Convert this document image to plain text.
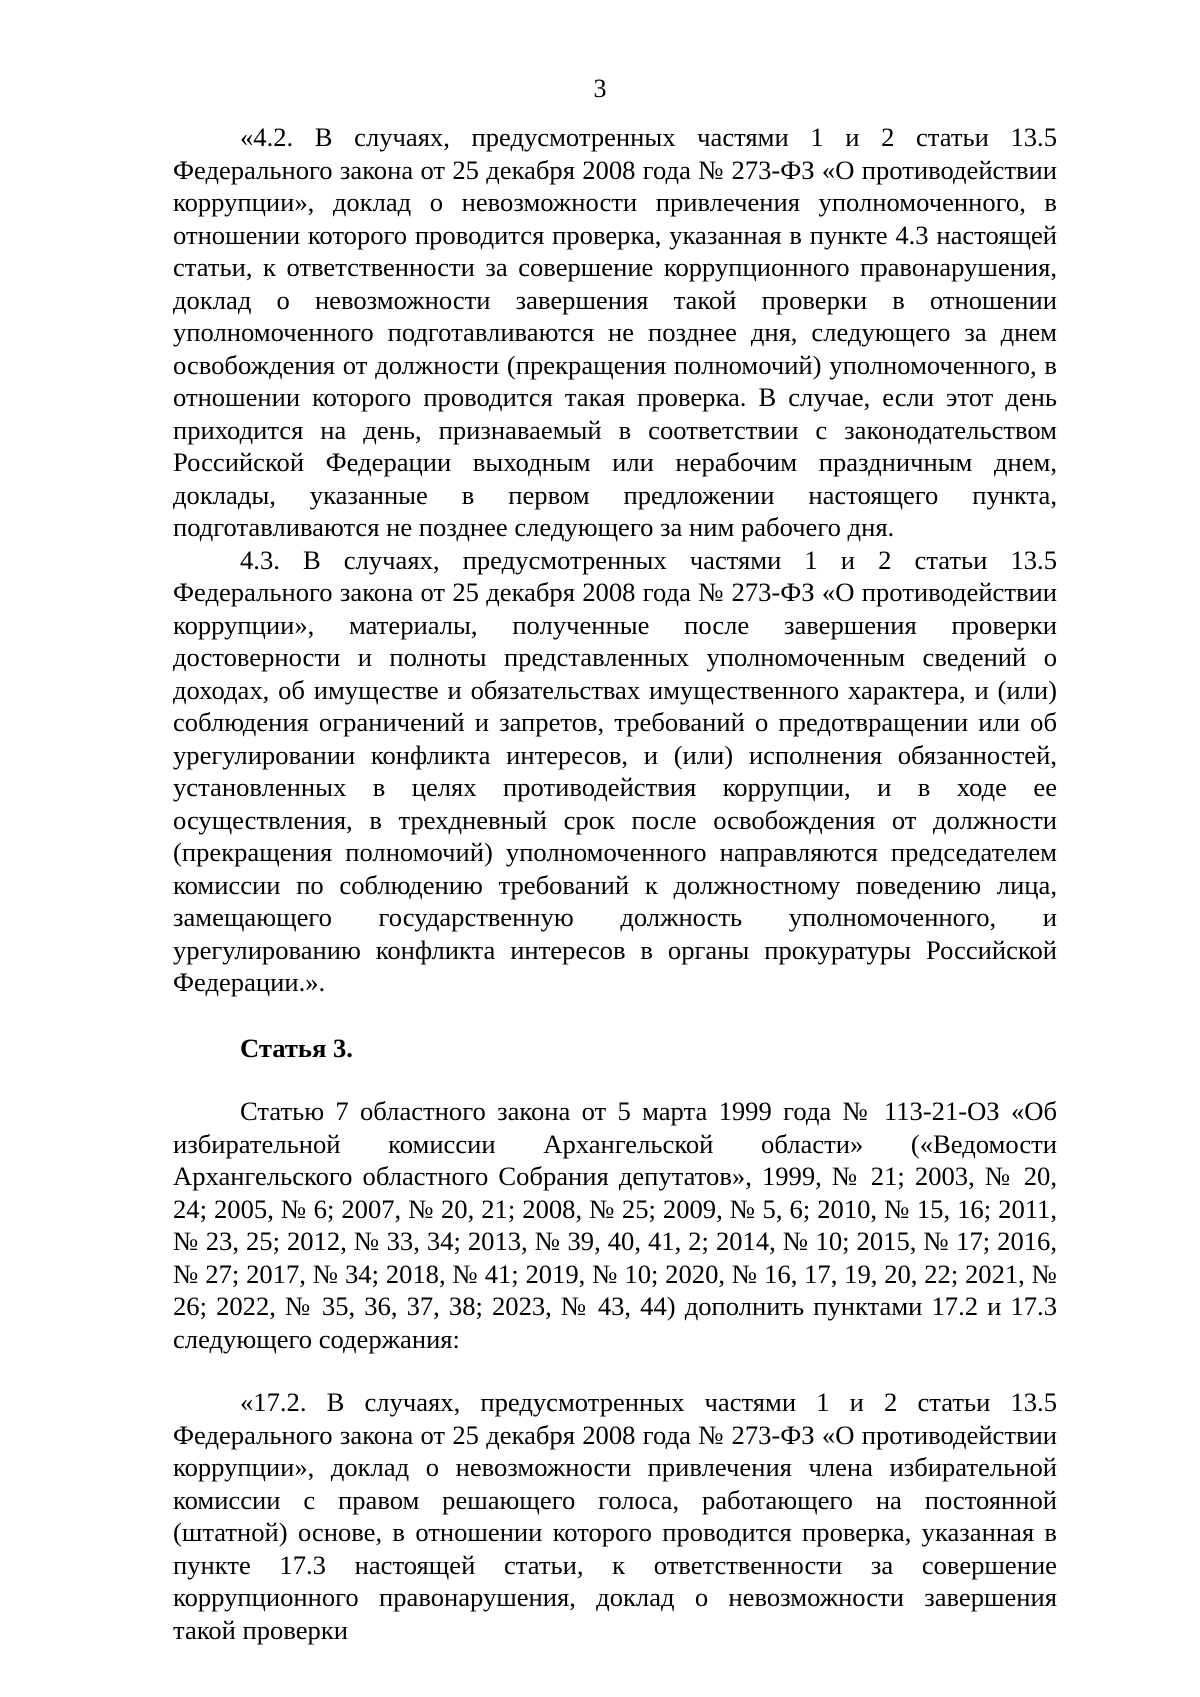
3

«4.2. В случаях, предусмотренных частями 1 и 2 статьи 13.5 Федерального закона от 25 декабря 2008 года № 273-ФЗ «О противодействии коррупции», доклад о невозможности привлечения уполномоченного, в отношении которого проводится проверка, указанная в пункте 4.3 настоящей статьи, к ответственности за совершение коррупционного правонарушения, доклад о невозможности завершения такой проверки в отношении уполномоченного подготавливаются не позднее дня, следующего за днем освобождения от должности (прекращения полномочий) уполномоченного, в отношении которого проводится такая проверка. В случае, если этот день приходится на день, признаваемый в соответствии с законодательством Российской Федерации выходным или нерабочим праздничным днем, доклады, указанные в первом предложении настоящего пункта, подготавливаются не позднее следующего за ним рабочего дня.

4.3. В случаях, предусмотренных частями 1 и 2 статьи 13.5 Федерального закона от 25 декабря 2008 года № 273-ФЗ «О противодействии коррупции», материалы, полученные после завершения проверки достоверности и полноты представленных уполномоченным сведений о доходах, об имуществе и обязательствах имущественного характера, и (или) соблюдения ограничений и запретов, требований о предотвращении или об урегулировании конфликта интересов, и (или) исполнения обязанностей, установленных в целях противодействия коррупции, и в ходе ее осуществления, в трехдневный срок после освобождения от должности (прекращения полномочий) уполномоченного направляются председателем комиссии по соблюдению требований к должностному поведению лица, замещающего государственную должность уполномоченного, и урегулированию конфликта интересов в органы прокуратуры Российской Федерации.».

Статья 3.

Статью 7 областного закона от 5 марта 1999 года № 113-21-ОЗ «Об избирательной комиссии Архангельской области» («Ведомости Архангельского областного Собрания депутатов», 1999, № 21; 2003, № 20, 24; 2005, № 6; 2007, № 20, 21; 2008, № 25; 2009, № 5, 6; 2010, № 15, 16; 2011, № 23, 25; 2012, № 33, 34; 2013, № 39, 40, 41, 2; 2014, № 10; 2015, № 17; 2016, № 27; 2017, № 34; 2018, № 41; 2019, № 10; 2020, № 16, 17, 19, 20, 22; 2021, № 26; 2022, № 35, 36, 37, 38; 2023, № 43, 44) дополнить пунктами 17.2 и 17.3 следующего содержания:

«17.2. В случаях, предусмотренных частями 1 и 2 статьи 13.5 Федерального закона от 25 декабря 2008 года № 273-ФЗ «О противодействии коррупции», доклад о невозможности привлечения члена избирательной комиссии с правом решающего голоса, работающего на постоянной (штатной) основе, в отношении которого проводится проверка, указанная в пункте 17.3 настоящей статьи, к ответственности за совершение коррупционного правонарушения, доклад о невозможности завершения такой проверки
